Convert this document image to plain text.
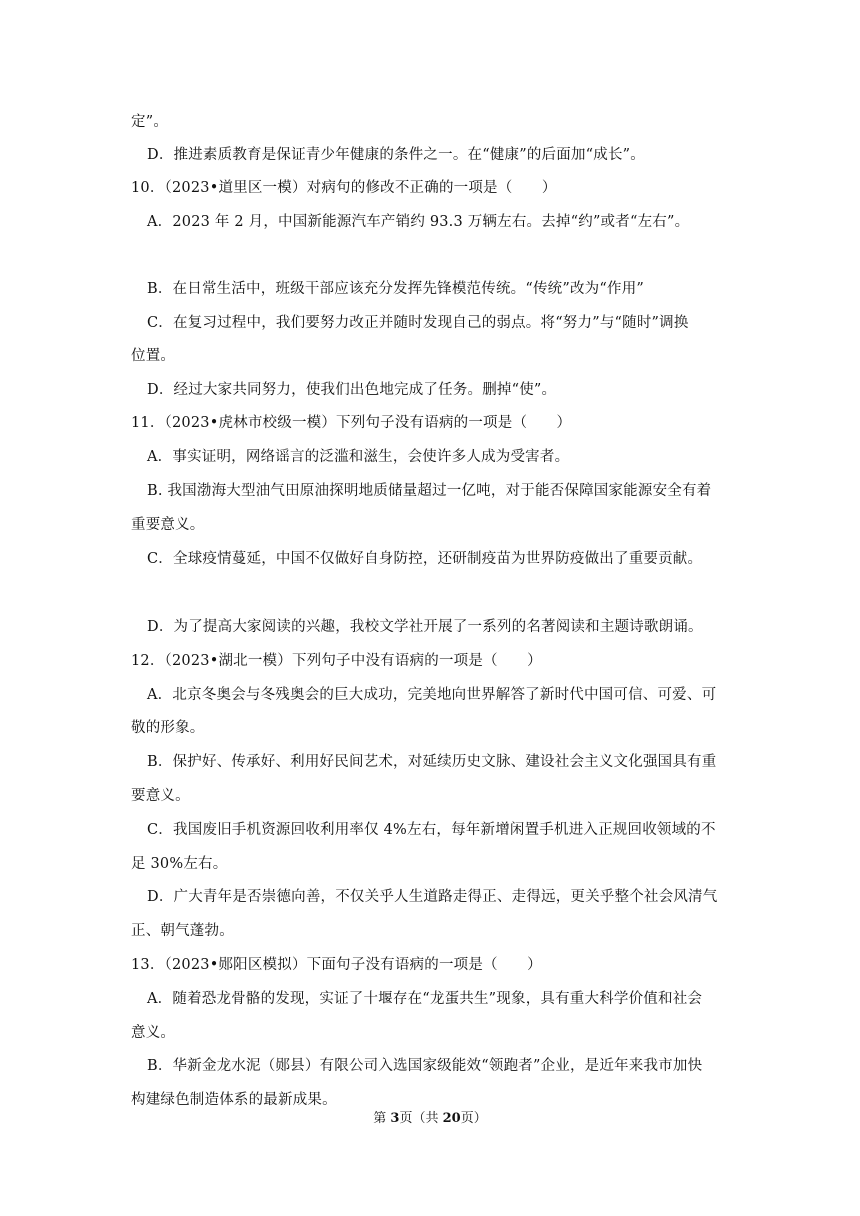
定”。
D．推进素质教育是保证青少年健康的条件之一。在“健康”的后面加“成长”。
10．（2023•道里区一模）对病句的修改不正确的一项是（　　）
A．2023 年 2 月，中国新能源汽车产销约 93.3 万辆左右。去掉“约”或者“左右”。
B．在日常生活中，班级干部应该充分发挥先锋模范传统。“传统”改为“作用”
C．在复习过程中，我们要努力改正并随时发现自己的弱点。将“努力”与“随时”调换
位置。
D．经过大家共同努力，使我们出色地完成了任务。删掉“使”。
11．（2023•虎林市校级一模）下列句子没有语病的一项是（　　）
A．事实证明，网络谣言的泛滥和滋生，会使许多人成为受害者。
B. 我国渤海大型油气田原油探明地质储量超过一亿吨，对于能否保障国家能源安全有着
重要意义。
C．全球疫情蔓延，中国不仅做好自身防控，还研制疫苗为世界防疫做出了重要贡献。
D．为了提高大家阅读的兴趣，我校文学社开展了一系列的名著阅读和主题诗歌朗诵。
12．（2023•湖北一模）下列句子中没有语病的一项是（　　）
A．北京冬奥会与冬残奥会的巨大成功，完美地向世界解答了新时代中国可信、可爱、可
敬的形象。
B．保护好、传承好、利用好民间艺术，对延续历史文脉、建设社会主义文化强国具有重
要意义。
C．我国废旧手机资源回收利用率仅 4%左右，每年新增闲置手机进入正规回收领域的不
足 30%左右。
D．广大青年是否崇德向善，不仅关乎人生道路走得正、走得远，更关乎整个社会风清气
正、朝气蓬勃。
13．（2023•郧阳区模拟）下面句子没有语病的一项是（　　）
A．随着恐龙骨骼的发现，实证了十堰存在“龙蛋共生”现象，具有重大科学价值和社会
意义。
B．华新金龙水泥（郧县）有限公司入选国家级能效“领跑者”企业，是近年来我市加快
构建绿色制造体系的最新成果。
第 3页（共 20页）
